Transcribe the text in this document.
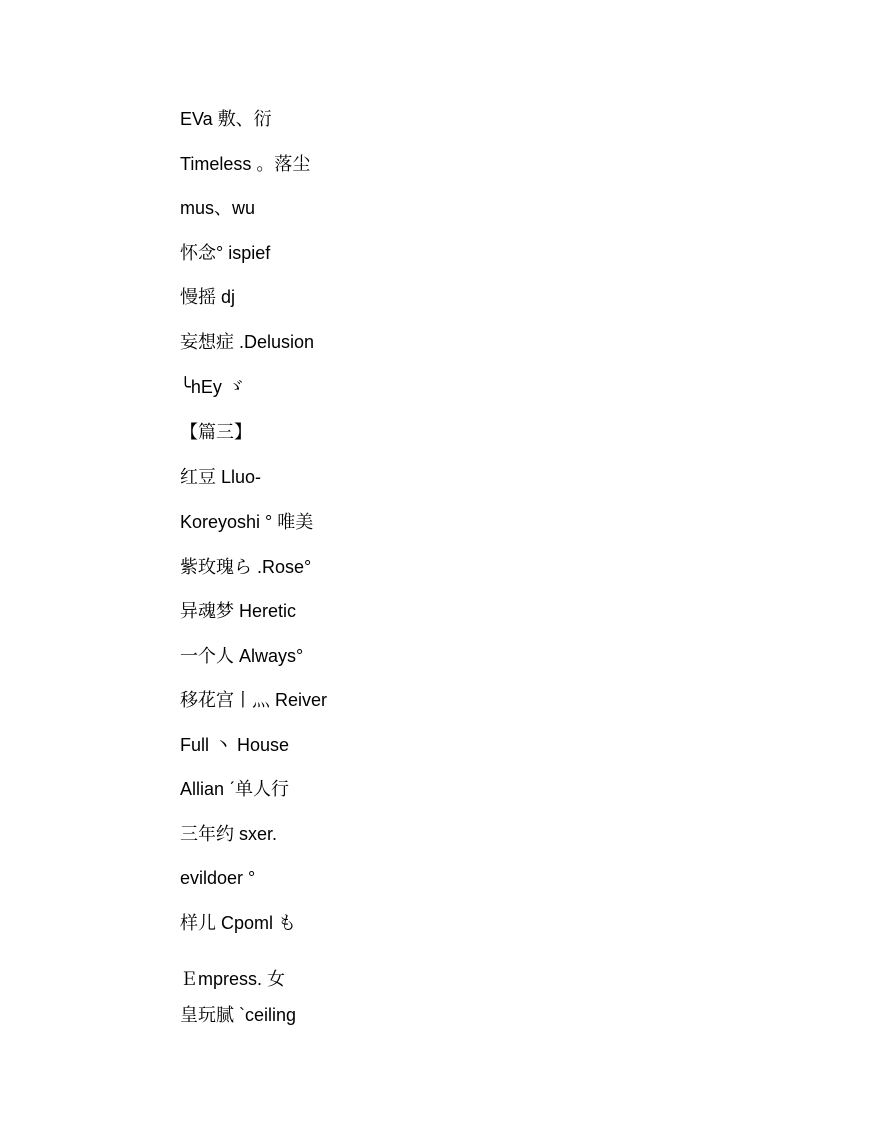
EVa 敷、衍

Timeless 。落尘

mus、wu

怀念° ispief

慢摇 dj

妄想症 .Delusion

╰hEy ゞ

【篇三】

红豆 Lluo-

Koreyoshi ° 唯美

紫玫瑰ら .Rose°

异魂梦 Heretic

一个人 Always°

移花宫丨灬 Reiver

Full 丶 House

Allian ˊ单人行

三年约 sxer.

evildoer °

样儿 Cpoml も

Ｅmpress. 女

皇玩腻 `ceiling
